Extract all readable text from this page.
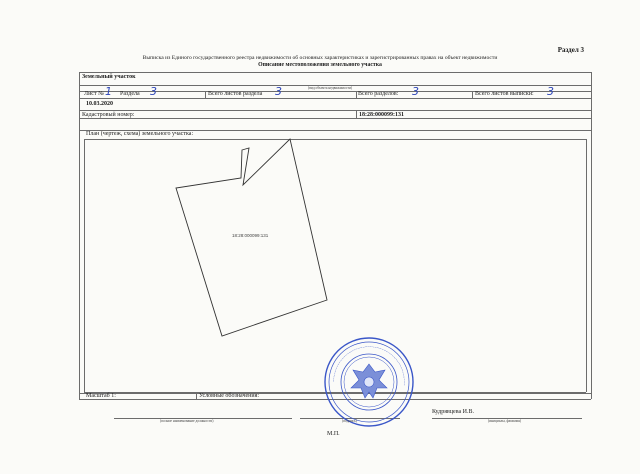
Раздел 3
Выписка из Единого государственного реестра недвижимости об основных характеристиках и зарегистрированных правах на объект недвижимости
Описание местоположения земельного участка
Земельный участок
(вид объекта недвижимости)
Лист № 1 Раздела 3	Всего листов раздела 3	Всего разделов: 3	Всего листов выписки: 3
10.03.2020
Кадастровый номер:	18:28:000099:131
План (чертеж, схема) земельного участка:
18:28:000099:131
Масштаб 1:	Условные обозначения:
~~~~~~~~~~~~~~~~~~~~~~~~~~~~~~~~~~~~~~~~~~~~~~~
(полное наименование должности)	(подпись)
Кудрявцева И.В.
(инициалы, фамилия)
М.П.
